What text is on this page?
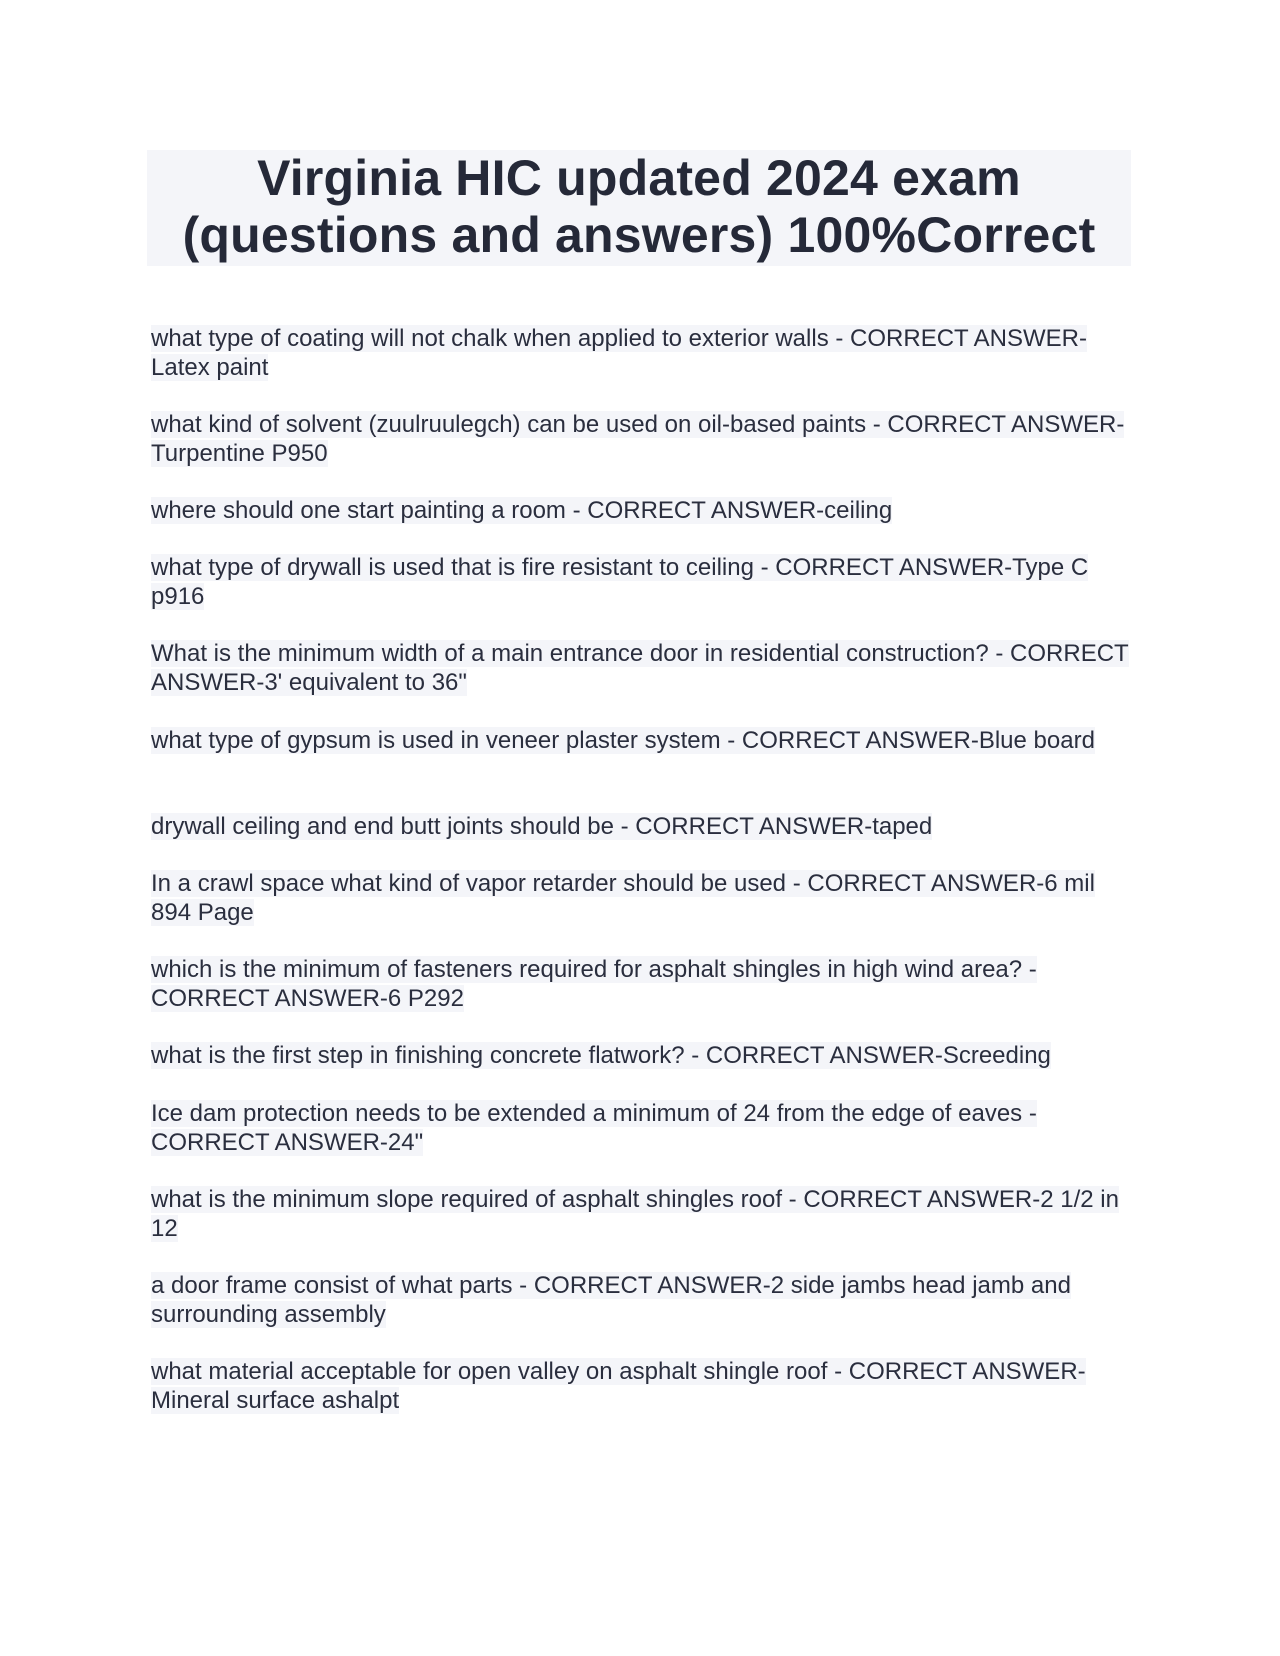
Virginia HIC updated 2024 exam

(questions and answers) 100%Correct

what type of coating will not chalk when applied to exterior walls - CORRECT ANSWER-Latex paint
what kind of solvent (zuulruulegch) can be used on oil-based paints - CORRECT ANSWER-Turpentine P950
where should one start painting a room - CORRECT ANSWER-ceiling
what type of drywall is used that is fire resistant to ceiling - CORRECT ANSWER-Type C p916
What is the minimum width of a main entrance door in residential construction? - CORRECT ANSWER-3' equivalent to 36"
what type of gypsum is used in veneer plaster system - CORRECT ANSWER-Blue board
drywall ceiling and end butt joints should be - CORRECT ANSWER-taped
In a crawl space what kind of vapor retarder should be used - CORRECT ANSWER-6 mil 894 Page
which is the minimum of fasteners required for asphalt shingles in high wind area? - CORRECT ANSWER-6 P292
what is the first step in finishing concrete flatwork? - CORRECT ANSWER-Screeding
Ice dam protection needs to be extended a minimum of 24 from the edge of eaves - CORRECT ANSWER-24"
what is the minimum slope required of asphalt shingles roof - CORRECT ANSWER-2 1/2 in 12
a door frame consist of what parts - CORRECT ANSWER-2 side jambs head jamb and surrounding assembly
what material acceptable for open valley on asphalt shingle roof - CORRECT ANSWER-Mineral surface ashalpt
